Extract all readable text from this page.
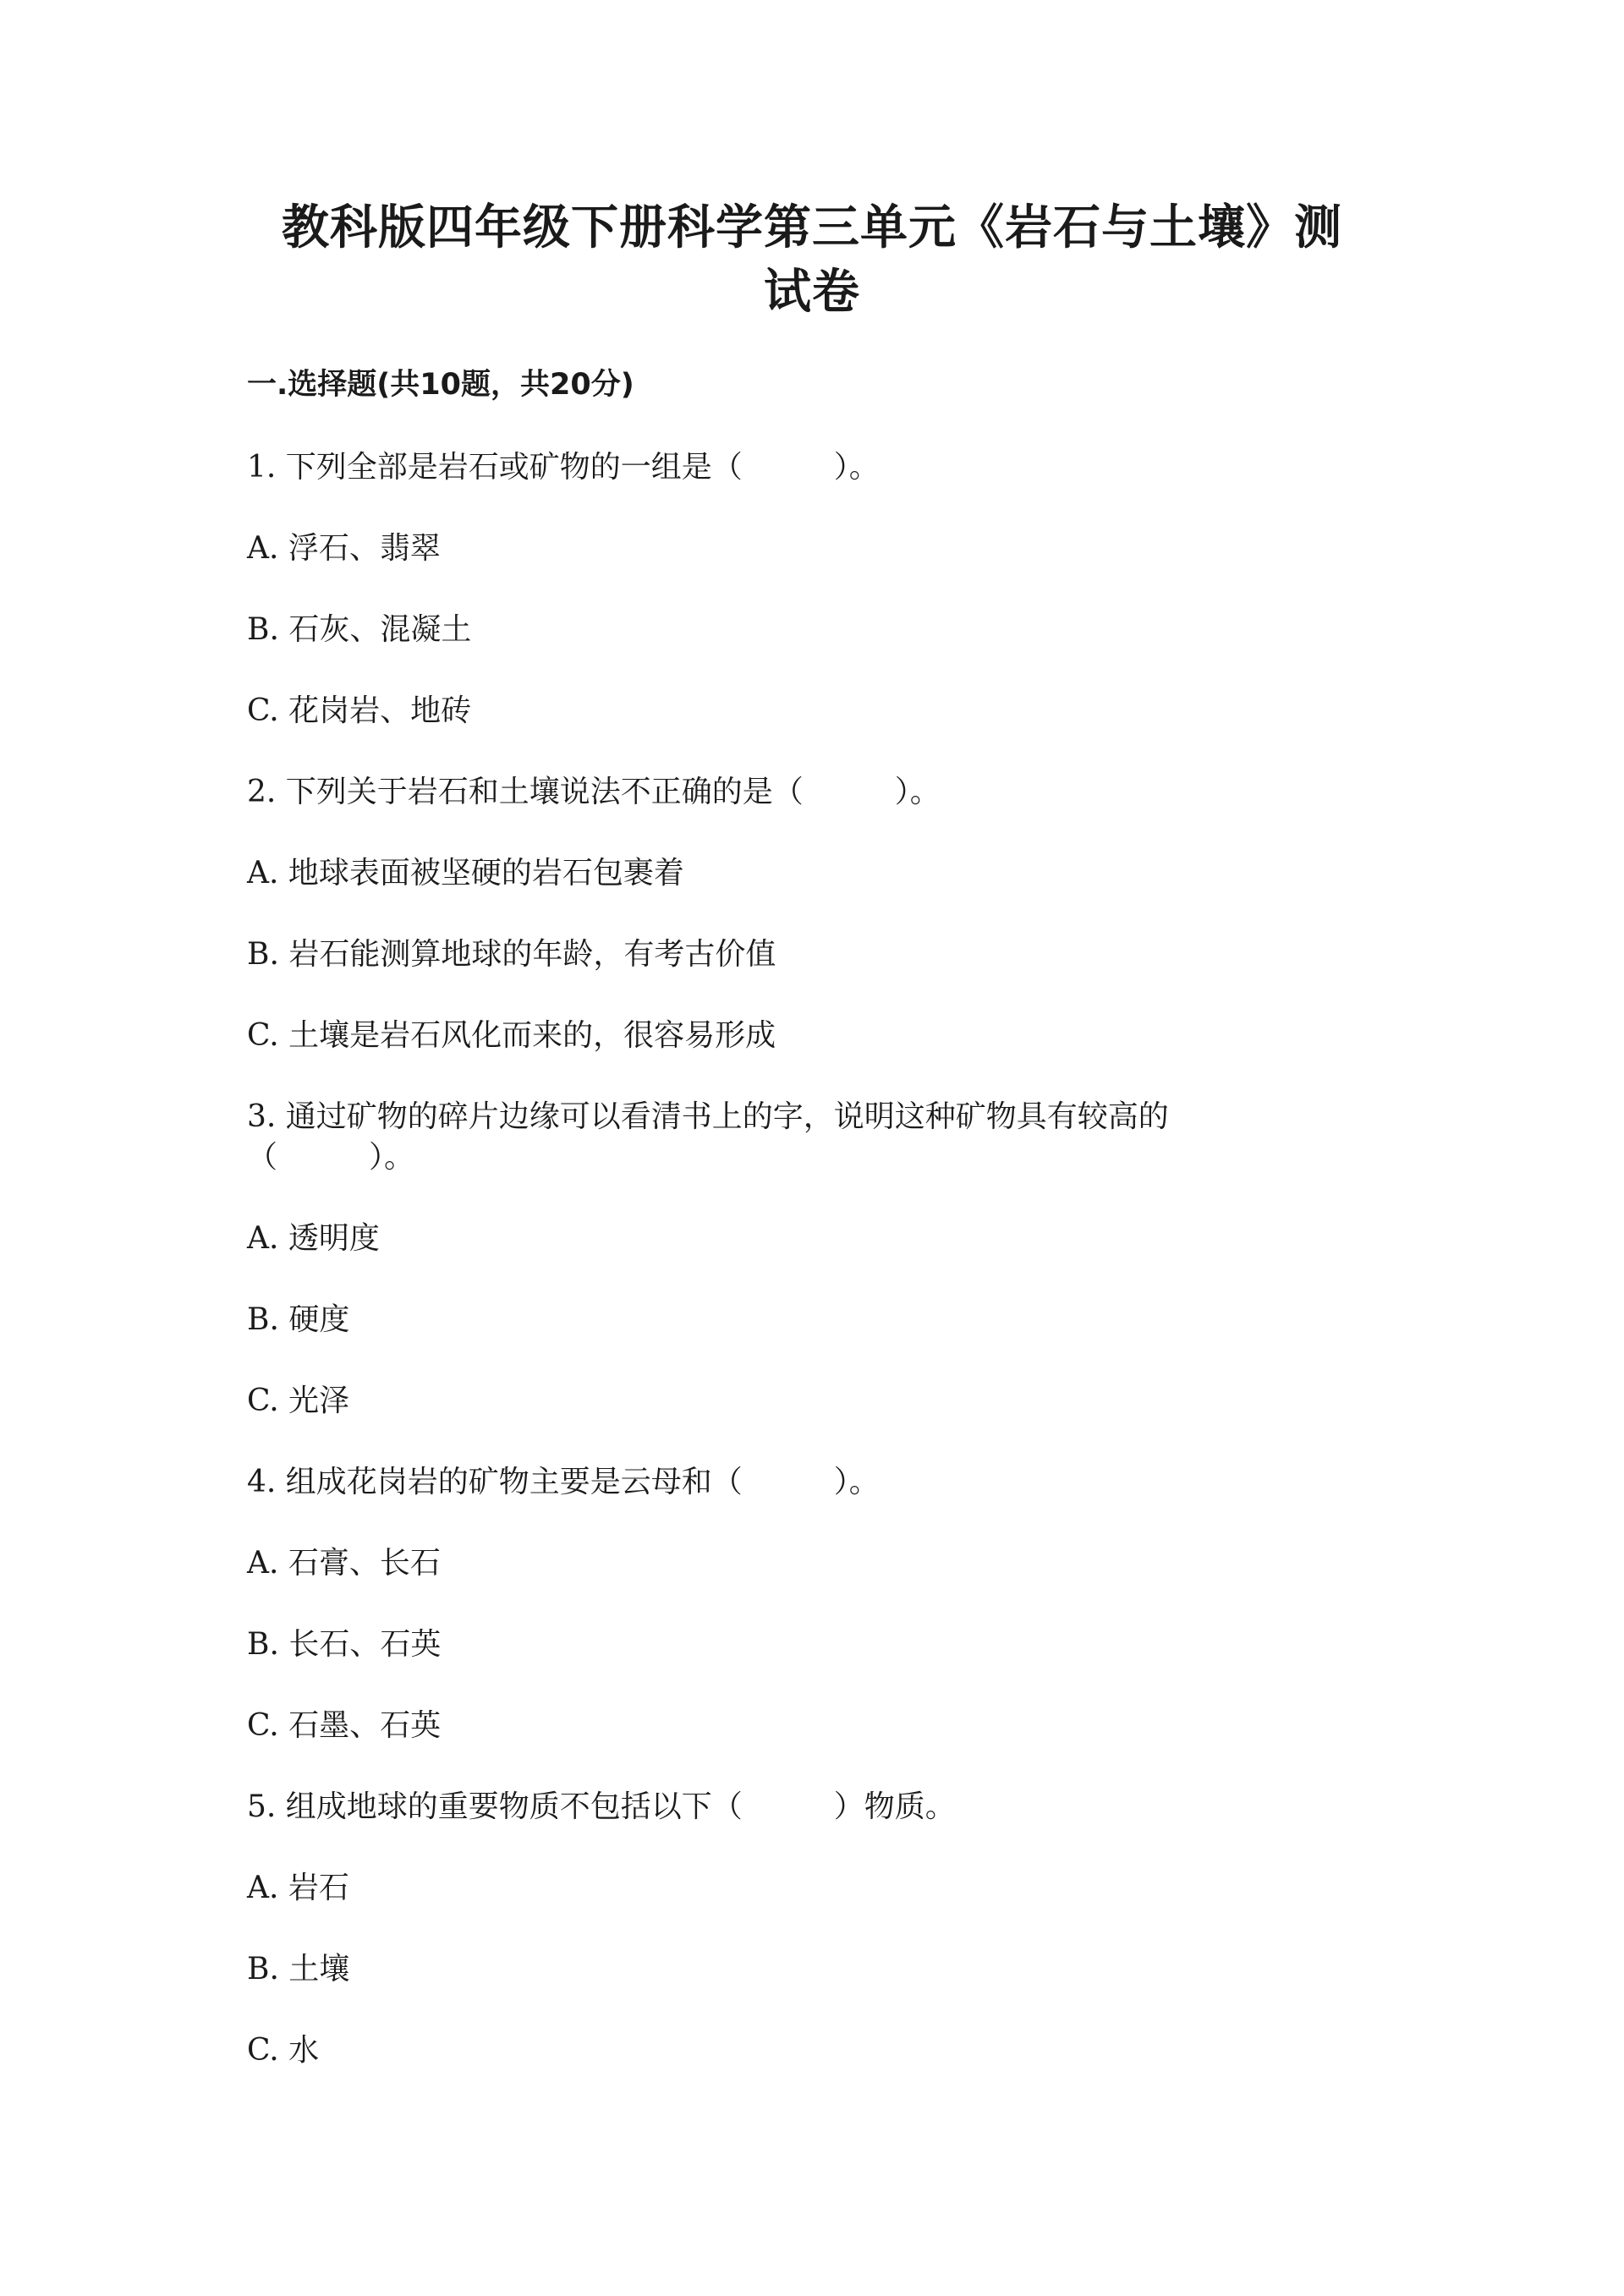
教科版四年级下册科学第三单元《岩石与土壤》测
试卷
一.选择题(共10题，共20分)
1. 下列全部是岩石或矿物的一组是（　　　）。
A. 浮石、翡翠
B. 石灰、混凝土
C. 花岗岩、地砖
2. 下列关于岩石和土壤说法不正确的是（　　　）。
A. 地球表面被坚硬的岩石包裹着
B. 岩石能测算地球的年龄，有考古价值
C. 土壤是岩石风化而来的，很容易形成
3. 通过矿物的碎片边缘可以看清书上的字，说明这种矿物具有较高的
（　　　）。
A. 透明度
B. 硬度
C. 光泽
4. 组成花岗岩的矿物主要是云母和（　　　）。
A. 石膏、长石
B. 长石、石英
C. 石墨、石英
5. 组成地球的重要物质不包括以下（　　　）物质。
A. 岩石
B. 土壤
C. 水
